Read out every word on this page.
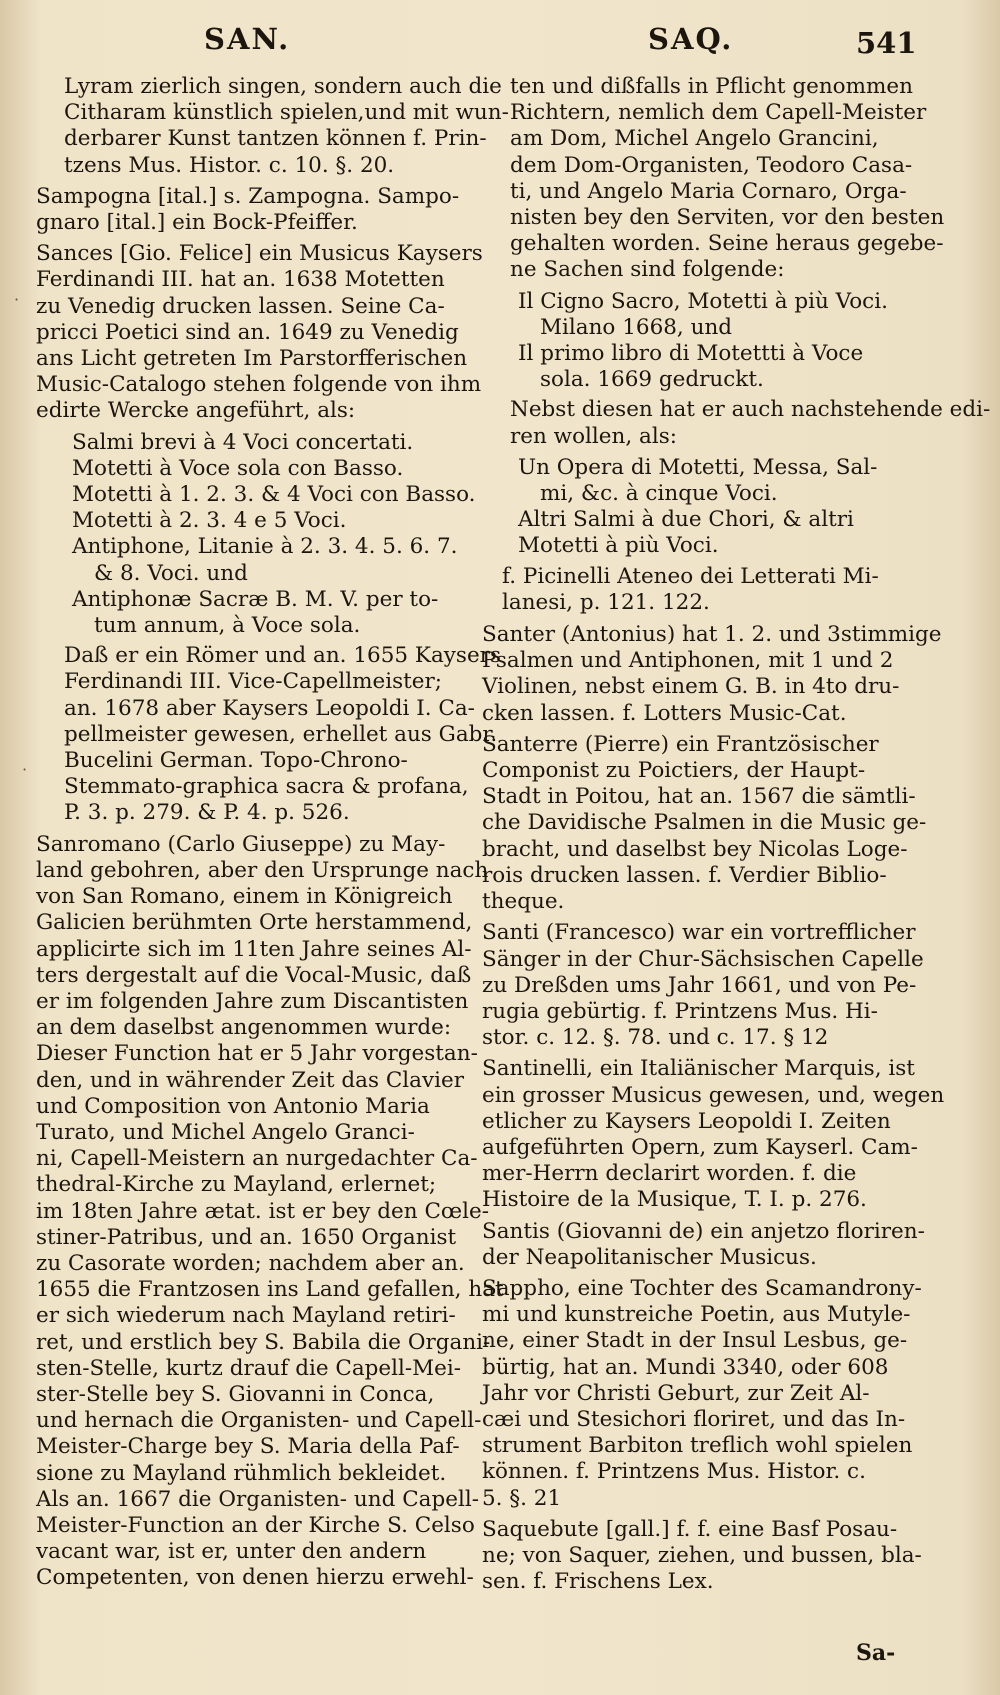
SAN.	SAQ.	541
Lyram zierlich singen, sondern auch die
Citharam künstlich spielen,und mit wun-
derbarer Kunst tantzen können f. Prin-
tzens Mus. Histor. c. 10. §. 20.
Sampogna [ital.] s. Zampogna. Sampo-
gnaro [ital.] ein Bock-Pfeiffer.
Sances [Gio. Felice] ein Musicus Kaysers
Ferdinandi III. hat an. 1638 Motetten
zu Venedig drucken lassen. Seine Ca-
pricci Poetici sind an. 1649 zu Venedig
ans Licht getreten Im Parstorfferischen
Music-Catalogo stehen folgende von ihm
edirte Wercke angeführt, als:
Salmi brevi à 4 Voci concertati.
Motetti à Voce sola con Basso.
Motetti à 1. 2. 3. & 4 Voci con Basso.
Motetti à 2. 3. 4 e 5 Voci.
Antiphone, Litanie à 2. 3. 4. 5. 6. 7.
& 8. Voci. und
Antiphonæ Sacræ B. M. V. per to-
tum annum, à Voce sola.
Daß er ein Römer und an. 1655 Kaysers
Ferdinandi III. Vice-Capellmeister;
an. 1678 aber Kaysers Leopoldi I. Ca-
pellmeister gewesen, erhellet aus Gabr.
Bucelini German. Topo-Chrono-
Stemmato-graphica sacra & profana,
P. 3. p. 279. & P. 4. p. 526.
Sanromano (Carlo Giuseppe) zu May-
land gebohren, aber den Ursprunge nach
von San Romano, einem in Königreich
Galicien berühmten Orte herstammend,
applicirte sich im 11ten Jahre seines Al-
ters dergestalt auf die Vocal-Music, daß
er im folgenden Jahre zum Discantisten
an dem daselbst angenommen wurde:
Dieser Function hat er 5 Jahr vorgestan-
den, und in währender Zeit das Clavier
und Composition von Antonio Maria
Turato, und Michel Angelo Granci-
ni, Capell-Meistern an nurgedachter Ca-
thedral-Kirche zu Mayland, erlernet;
im 18ten Jahre ætat. ist er bey den Cœle-
stiner-Patribus, und an. 1650 Organist
zu Casorate worden; nachdem aber an.
1655 die Frantzosen ins Land gefallen, hat
er sich wiederum nach Mayland retiri-
ret, und erstlich bey S. Babila die Organi-
sten-Stelle, kurtz drauf die Capell-Mei-
ster-Stelle bey S. Giovanni in Conca,
und hernach die Organisten- und Capell-
Meister-Charge bey S. Maria della Paf-
sione zu Mayland rühmlich bekleidet.
Als an. 1667 die Organisten- und Capell-
Meister-Function an der Kirche S. Celso
vacant war, ist er, unter den andern
Competenten, von denen hierzu erwehl-
ten und dißfalls in Pflicht genommen
Richtern, nemlich dem Capell-Meister
am Dom, Michel Angelo Grancini,
dem Dom-Organisten, Teodoro Casa-
ti, und Angelo Maria Cornaro, Orga-
nisten bey den Serviten, vor den besten
gehalten worden. Seine heraus gegebe-
ne Sachen sind folgende:
Il Cigno Sacro, Motetti à più Voci.
Milano 1668, und
Il primo libro di Motettti à Voce
sola. 1669 gedruckt.
Nebst diesen hat er auch nachstehende edi-
ren wollen, als:
Un Opera di Motetti, Messa, Sal-
mi, &c. à cinque Voci.
Altri Salmi à due Chori, & altri
Motetti à più Voci.
f. Picinelli Ateneo dei Letterati Mi-
lanesi, p. 121. 122.
Santer (Antonius) hat 1. 2. und 3stimmige
Psalmen und Antiphonen, mit 1 und 2
Violinen, nebst einem G. B. in 4to dru-
cken lassen. f. Lotters Music-Cat.
Santerre (Pierre) ein Frantzösischer
Componist zu Poictiers, der Haupt-
Stadt in Poitou, hat an. 1567 die sämtli-
che Davidische Psalmen in die Music ge-
bracht, und daselbst bey Nicolas Loge-
rois drucken lassen. f. Verdier Biblio-
theque.
Santi (Francesco) war ein vortrefflicher
Sänger in der Chur-Sächsischen Capelle
zu Dreßden ums Jahr 1661, und von Pe-
rugia gebürtig. f. Printzens Mus. Hi-
stor. c. 12. §. 78. und c. 17. § 12
Santinelli, ein Italiänischer Marquis, ist
ein grosser Musicus gewesen, und, wegen
etlicher zu Kaysers Leopoldi I. Zeiten
aufgeführten Opern, zum Kayserl. Cam-
mer-Herrn declarirt worden. f. die
Histoire de la Musique, T. I. p. 276.
Santis (Giovanni de) ein anjetzo floriren-
der Neapolitanischer Musicus.
Sappho, eine Tochter des Scamandrony-
mi und kunstreiche Poetin, aus Mutyle-
ne, einer Stadt in der Insul Lesbus, ge-
bürtig, hat an. Mundi 3340, oder 608
Jahr vor Christi Geburt, zur Zeit Al-
cæi und Stesichori floriret, und das In-
strument Barbiton treflich wohl spielen
können. f. Printzens Mus. Histor. c.
5. §. 21
Saquebute [gall.] f. f. eine Basf Posau-
ne; von Saquer, ziehen, und bussen, bla-
sen. f. Frischens Lex.
Sa-
·
·
